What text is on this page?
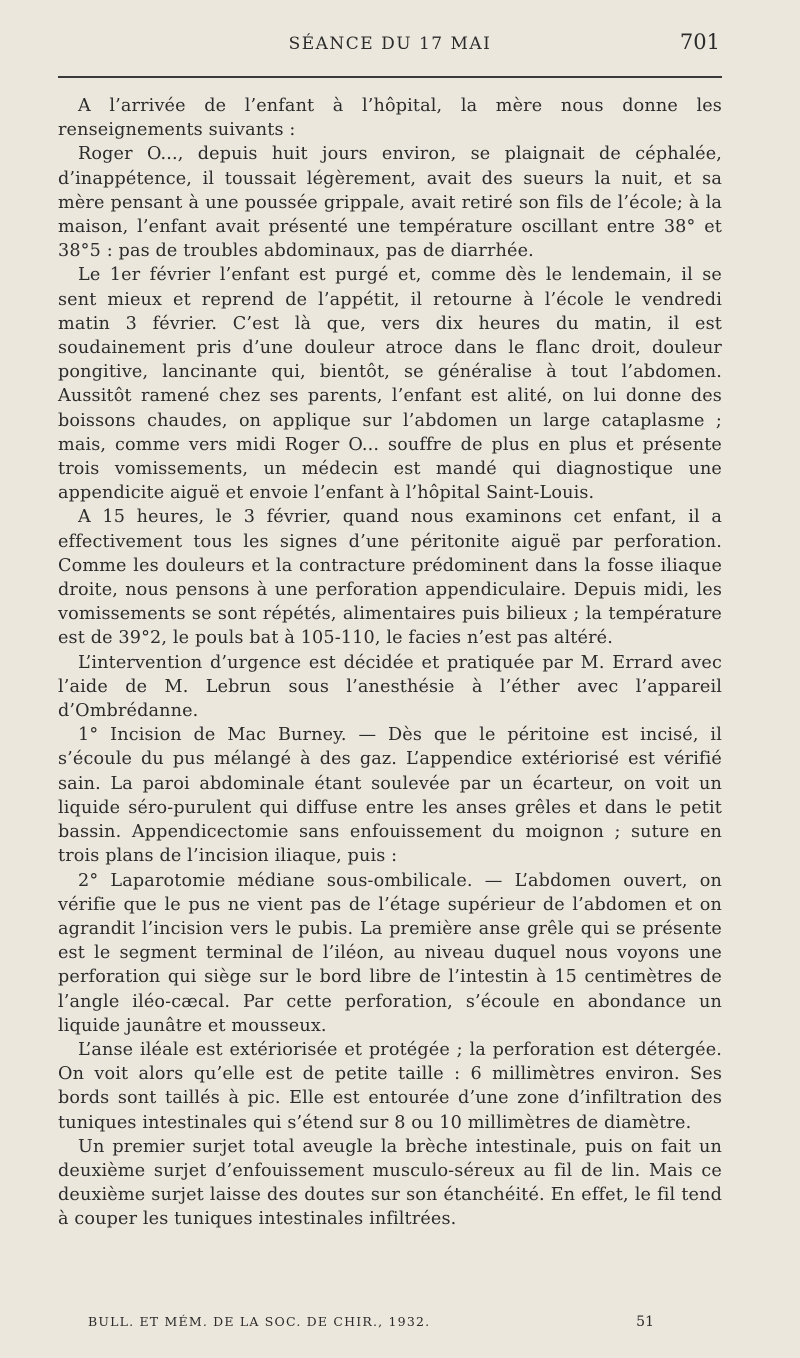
SÉANCE DU 17 MAI	701

A l’arrivée de l’enfant à l’hôpital, la mère nous donne les renseignements suivants :

Roger O..., depuis huit jours environ, se plaignait de céphalée, d’inappétence, il toussait légèrement, avait des sueurs la nuit, et sa mère pensant à une poussée grippale, avait retiré son fils de l’école; à la maison, l’enfant avait présenté une température oscillant entre 38° et 38°5 : pas de troubles abdominaux, pas de diarrhée.

Le 1er février l’enfant est purgé et, comme dès le lendemain, il se sent mieux et reprend de l’appétit, il retourne à l’école le vendredi matin 3 février. C’est là que, vers dix heures du matin, il est soudainement pris d’une douleur atroce dans le flanc droit, douleur pongitive, lancinante qui, bientôt, se généralise à tout l’abdomen. Aussitôt ramené chez ses parents, l’enfant est alité, on lui donne des boissons chaudes, on applique sur l’abdomen un large cataplasme ; mais, comme vers midi Roger O... souffre de plus en plus et présente trois vomissements, un médecin est mandé qui diagnostique une appendicite aiguë et envoie l’enfant à l’hôpital Saint-Louis.

A 15 heures, le 3 février, quand nous examinons cet enfant, il a effectivement tous les signes d’une péritonite aiguë par perforation. Comme les douleurs et la contracture prédominent dans la fosse iliaque droite, nous pensons à une perforation appendiculaire. Depuis midi, les vomissements se sont répétés, alimentaires puis bilieux ; la température est de 39°2, le pouls bat à 105-110, le facies n’est pas altéré.

L’intervention d’urgence est décidée et pratiquée par M. Errard avec l’aide de M. Lebrun sous l’anesthésie à l’éther avec l’appareil d’Ombrédanne.

1° Incision de Mac Burney. — Dès que le péritoine est incisé, il s’écoule du pus mélangé à des gaz. L’appendice extériorisé est vérifié sain. La paroi abdominale étant soulevée par un écarteur, on voit un liquide séro-purulent qui diffuse entre les anses grêles et dans le petit bassin. Appendicectomie sans enfouissement du moignon ; suture en trois plans de l’incision iliaque, puis :

2° Laparotomie médiane sous-ombilicale. — L’abdomen ouvert, on vérifie que le pus ne vient pas de l’étage supérieur de l’abdomen et on agrandit l’incision vers le pubis. La première anse grêle qui se présente est le segment terminal de l’iléon, au niveau duquel nous voyons une perforation qui siège sur le bord libre de l’intestin à 15 centimètres de l’angle iléo-cæcal. Par cette perforation, s’écoule en abondance un liquide jaunâtre et mousseux.

L’anse iléale est extériorisée et protégée ; la perforation est détergée. On voit alors qu’elle est de petite taille : 6 millimètres environ. Ses bords sont taillés à pic. Elle est entourée d’une zone d’infiltration des tuniques intestinales qui s’étend sur 8 ou 10 millimètres de diamètre.

Un premier surjet total aveugle la brèche intestinale, puis on fait un deuxième surjet d’enfouissement musculo-séreux au fil de lin. Mais ce deuxième surjet laisse des doutes sur son étanchéité. En effet, le fil tend à couper les tuniques intestinales infiltrées.

BULL. ET MÉM. DE LA SOC. DE CHIR., 1932.	51
